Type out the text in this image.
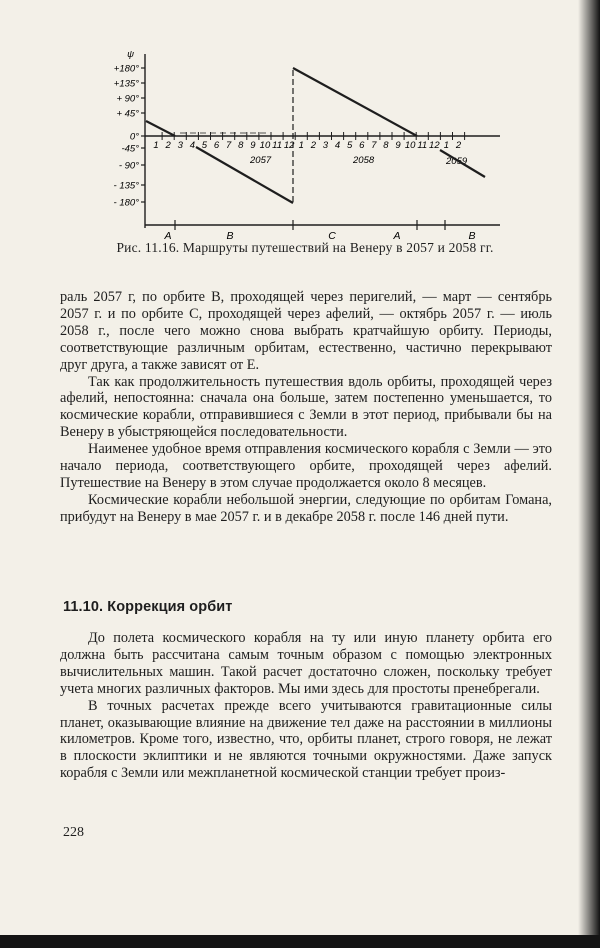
+180°
+135°
+ 90°
+ 45°
0°
-45°
- 90°
- 135°
- 180°
ψ
1 2 3 4 5 6 7 8 9 10 11 12 1 2 3 4 5 6 7 8 9 10 11 12 1 2
2057	2058	2059
A	B	C	A	B
Рис. 11.16. Маршруты путешествий на Венеру в 2057 и 2058 гг.

раль 2057 г, по орбите B, проходящей через перигелий, — март — сентябрь 2057 г. и по орбите C, проходящей через афелий, — октябрь 2057 г. — июль 2058 г., после чего можно снова выбрать кратчайшую орбиту. Периоды, соответствующие различным орбитам, естественно, частично перекрывают друг друга, а также зависят от E.

Так как продолжительность путешествия вдоль орбиты, проходящей через афелий, непостоянна: сначала она больше, затем постепенно уменьшается, то космические корабли, отправившиеся с Земли в этот период, прибывали бы на Венеру в убыстряющейся последовательности.

Наименее удобное время отправления космического корабля с Земли — это начало периода, соответствующего орбите, проходящей через афелий. Путешествие на Венеру в этом случае продолжается около 8 месяцев.

Космические корабли небольшой энергии, следующие по орбитам Гомана, прибудут на Венеру в мае 2057 г. и в декабре 2058 г. после 146 дней пути.

11.10. Коррекция орбит

До полета космического корабля на ту или иную планету орбита его должна быть рассчитана самым точным образом с помощью электронных вычислительных машин. Такой расчет достаточно сложен, поскольку требует учета многих различных факторов. Мы ими здесь для простоты пренебрегали.

В точных расчетах прежде всего учитываются гравитационные силы планет, оказывающие влияние на движение тел даже на расстоянии в миллионы километров. Кроме того, известно, что, орбиты планет, строго говоря, не лежат в плоскости эклиптики и не являются точными окружностями. Даже запуск корабля с Земли или межпланетной космической станции требует произ-

228
